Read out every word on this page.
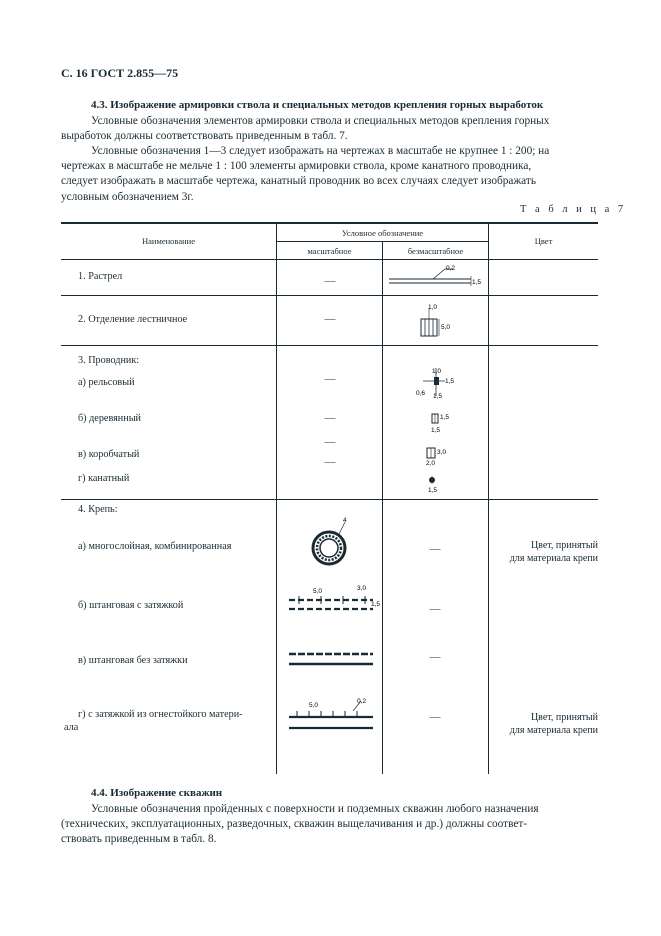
С. 16 ГОСТ 2.855—75
4.3. Изображение армировки ствола и специальных методов крепления горных выработок
Условные обозначения элементов армировки ствола и специальных методов крепления горных
выработок должны соответствовать приведенным в табл. 7.
Условные обозначения 1—3 следует изображать на чертежах в масштабе не крупнее 1 : 200; на
чертежах в масштабе не мельче 1 : 100 элементы армировки ствола, кроме канатного проводника,
следует изображать в масштабе чертежа, канатный проводник во всех случаях следует изображать
условным обозначением 3г.
Т а б л и ц а 7
Наименование
Условное обозначение
масштабное	безмасштабное
Цвет
1. Растрел
2. Отделение лестничное
3. Проводник:
а) рельсовый
б) деревянный
в) коробчатый
г) канатный
4. Крепь:
а) многослойная, комбинированная
б) штанговая с затяжкой
в) штанговая без затяжки
г) с затяжкой из огнестойкого матери-
ала
—
—
—
—
—
—
—
—
—
—
Цвет, принятый
для материала крепи
Цвет, принятый
для материала крепи
0,2
1,5
1,0
5,0
1,0
1,5
0,6 1,5
1,5
1,5
3,0
2,0
1,5
4
5,0	3,0
1,5
5,0
0,2
4.4. Изображение скважин
Условные обозначения пройденных с поверхности и подземных скважин любого назначения
(технических, эксплуатационных, разведочных, скважин выщелачивания и др.) должны соответ-
ствовать приведенным в табл. 8.
